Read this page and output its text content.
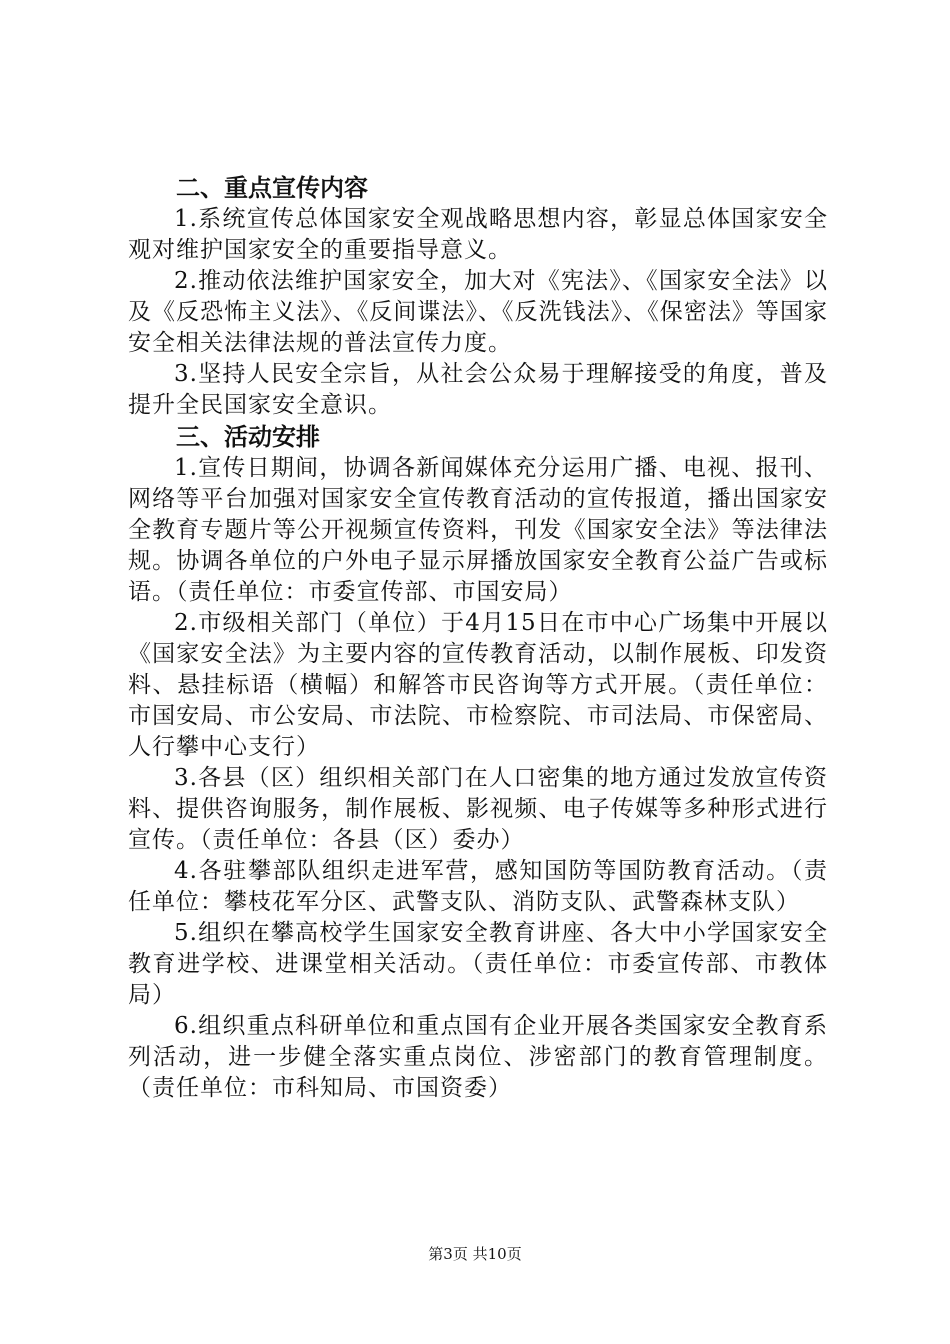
二、重点宣传内容

1.系统宣传总体国家安全观战略思想内容，彰显总体国家安全观对维护国家安全的重要指导意义。

2.推动依法维护国家安全，加大对《宪法》、《国家安全法》以及《反恐怖主义法》、《反间谍法》、《反洗钱法》、《保密法》等国家安全相关法律法规的普法宣传力度。

3.坚持人民安全宗旨，从社会公众易于理解接受的角度，普及提升全民国家安全意识。

三、活动安排

1.宣传日期间，协调各新闻媒体充分运用广播、电视、报刊、网络等平台加强对国家安全宣传教育活动的宣传报道，播出国家安全教育专题片等公开视频宣传资料，刊发《国家安全法》等法律法规。协调各单位的户外电子显示屏播放国家安全教育公益广告或标语。（责任单位：市委宣传部、市国安局）

2.市级相关部门（单位）于4月15日在市中心广场集中开展以《国家安全法》为主要内容的宣传教育活动，以制作展板、印发资料、悬挂标语（横幅）和解答市民咨询等方式开展。（责任单位：市国安局、市公安局、市法院、市检察院、市司法局、市保密局、人行攀中心支行）

3.各县（区）组织相关部门在人口密集的地方通过发放宣传资料、提供咨询服务，制作展板、影视频、电子传媒等多种形式进行宣传。（责任单位：各县（区）委办）

4.各驻攀部队组织走进军营，感知国防等国防教育活动。（责任单位：攀枝花军分区、武警支队、消防支队、武警森林支队）

5.组织在攀高校学生国家安全教育讲座、各大中小学国家安全教育进学校、进课堂相关活动。（责任单位：市委宣传部、市教体局）

6.组织重点科研单位和重点国有企业开展各类国家安全教育系列活动，进一步健全落实重点岗位、涉密部门的教育管理制度。（责任单位：市科知局、市国资委）

第3页 共10页
